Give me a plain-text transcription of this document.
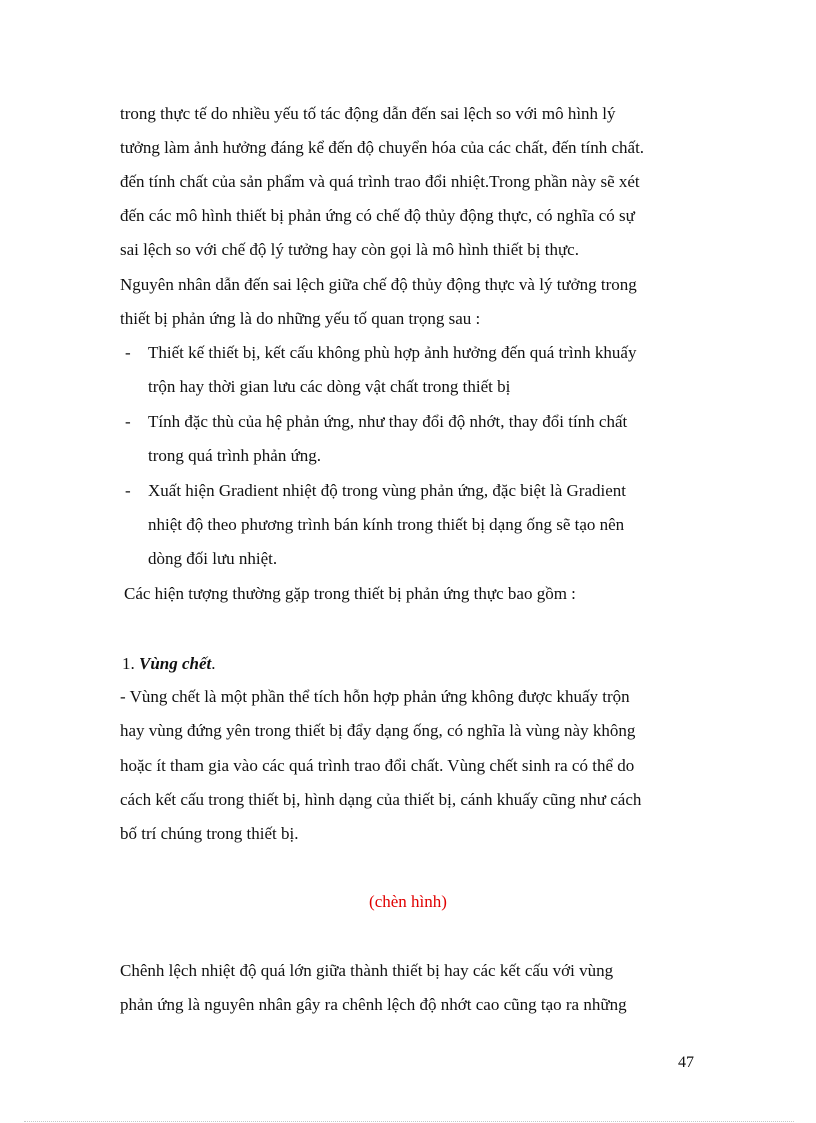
trong thực tế do nhiều yếu tố tác động dẫn đến sai lệch so với mô hình lý
tưởng làm ảnh hưởng đáng kể đến độ chuyển hóa của các chất, đến tính chất.
đến tính chất của sản phẩm và quá trình trao đổi nhiệt.Trong phần này sẽ xét
đến các mô hình thiết bị phản ứng có chế độ thủy động thực, có nghĩa có sự
sai lệch so với chế độ lý tưởng hay còn gọi là mô hình thiết bị thực.
Nguyên nhân dẫn đến sai lệch giữa chế độ thủy động thực và lý tưởng trong
thiết bị phản ứng là do những yếu tố quan trọng sau :
- Thiết kế thiết bị, kết cấu không phù hợp ảnh hưởng đến quá trình khuấy
trộn hay thời gian lưu các dòng vật chất trong thiết bị
- Tính đặc thù của hệ phản ứng, như thay đổi độ nhớt, thay đổi tính chất
trong quá trình phản ứng.
- Xuất hiện Gradient nhiệt độ trong vùng phản ứng, đặc biệt là Gradient
nhiệt độ theo phương trình bán kính trong thiết bị dạng ống sẽ tạo nên
dòng đối lưu nhiệt.
Các hiện tượng thường gặp trong thiết bị phản ứng thực bao gồm :
1. Vùng chết.
- Vùng chết là một phần thể tích hỗn hợp phản ứng không được khuấy trộn
hay vùng đứng yên trong thiết bị đẩy dạng ống, có nghĩa là vùng này không
hoặc ít tham gia vào các quá trình trao đổi chất. Vùng chết sinh ra có thể do
cách kết cấu trong thiết bị, hình dạng của thiết bị, cánh khuấy cũng như cách
bố trí chúng trong thiết bị.
(chèn hình)
Chênh lệch nhiệt độ quá lớn giữa thành thiết bị hay các kết cấu với vùng
phản ứng là nguyên nhân gây ra chênh lệch độ nhớt cao cũng tạo ra những
47
